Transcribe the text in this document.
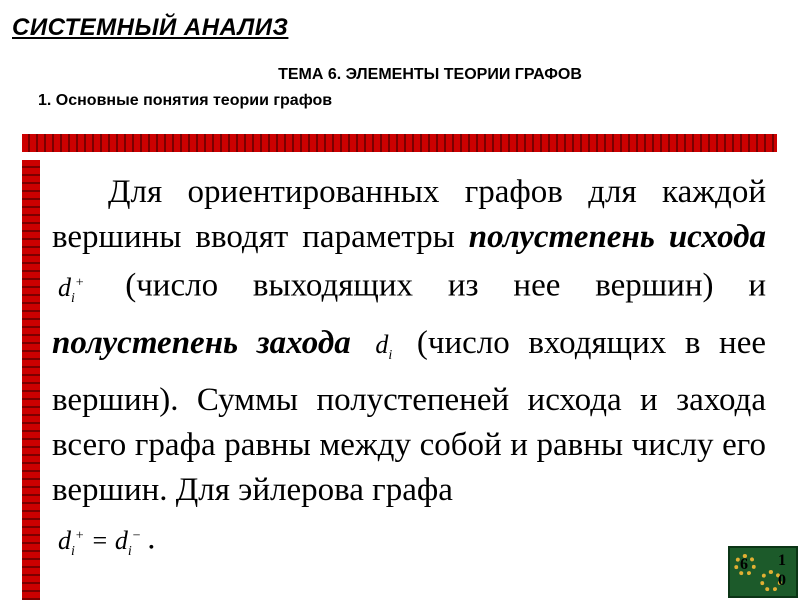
СИСТЕМНЫЙ АНАЛИЗ
ТЕМА 6. ЭЛЕМЕНТЫ ТЕОРИИ ГРАФОВ
1. Основные понятия теории графов
Для ориентированных графов для каждой вершины вводят параметры полустепень исхода $d_i^+$ (число выходящих из нее вершин) и полустепень захода $d_i$ (число входящих в нее вершин). Суммы полустепеней исхода и захода всего графа равны между собой и равны числу его вершин. Для эйлерова графа
$d_i^+ = d_i^-$ .
6 1
0
